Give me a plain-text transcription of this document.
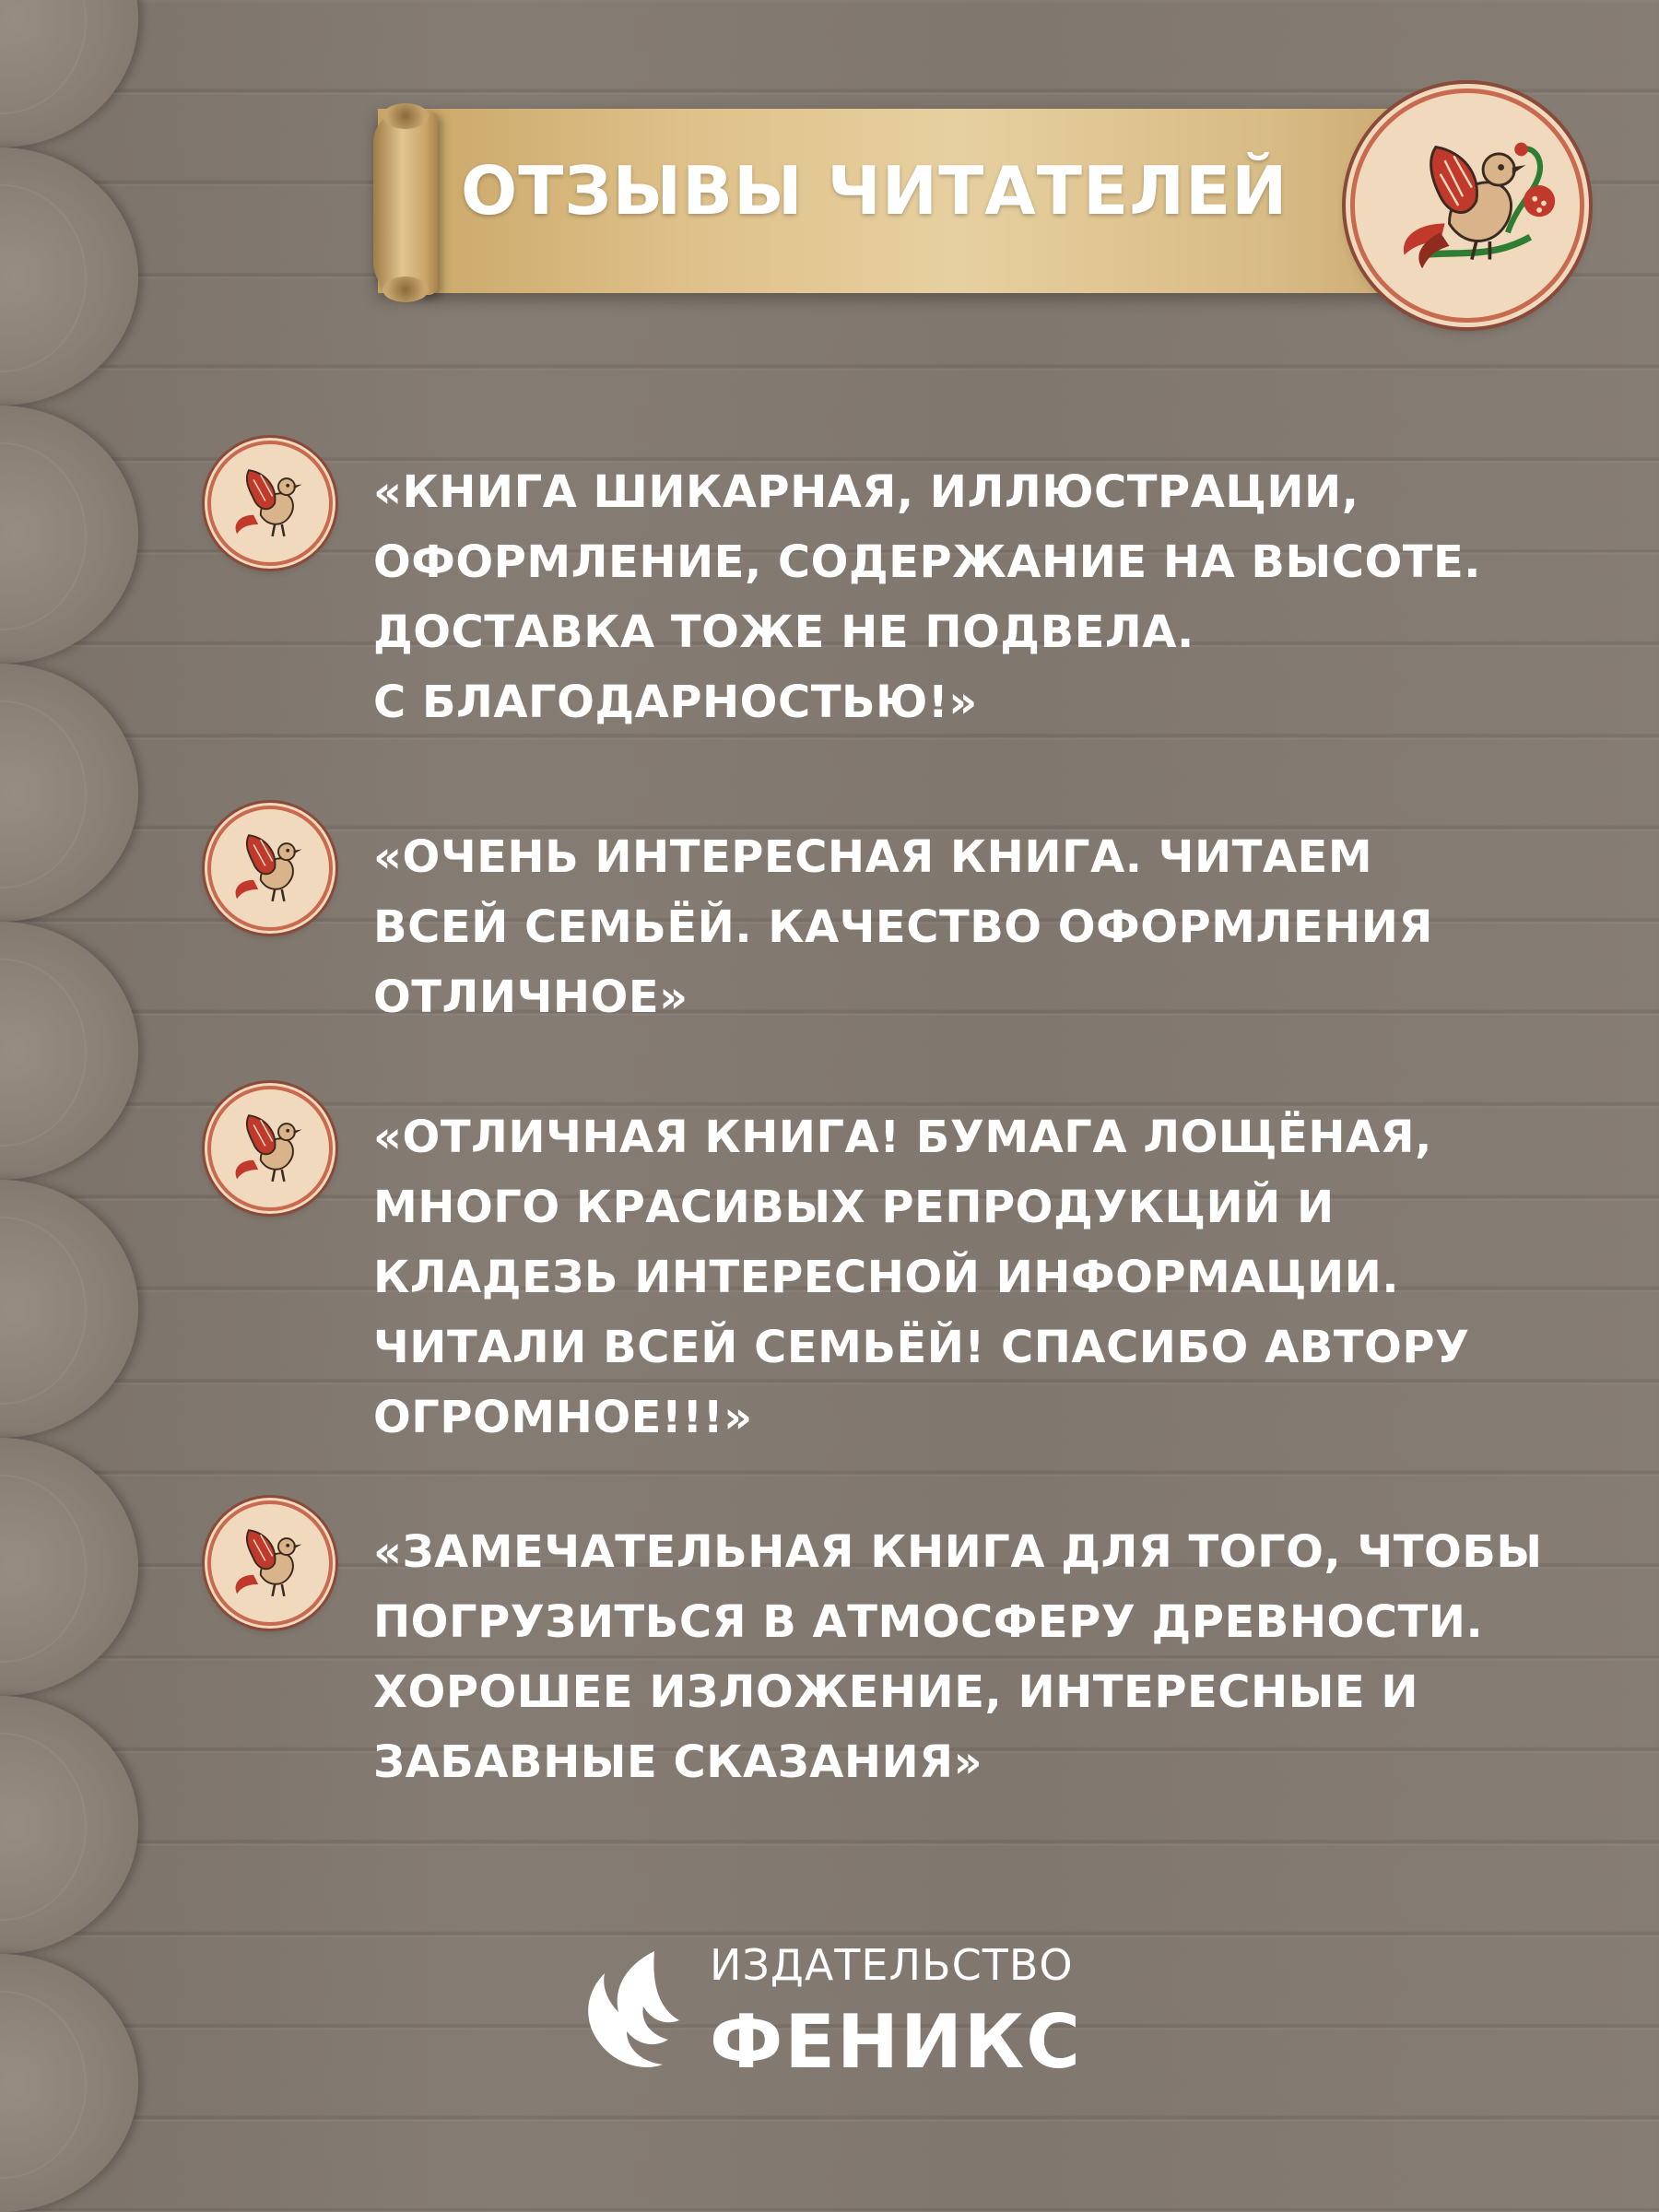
ОТЗЫВЫ ЧИТАТЕЛЕЙ
«КНИГА ШИКАРНАЯ, ИЛЛЮСТРАЦИИ,
ОФОРМЛЕНИЕ, СОДЕРЖАНИЕ НА ВЫСОТЕ.
ДОСТАВКА ТОЖЕ НЕ ПОДВЕЛА.
С БЛАГОДАРНОСТЬЮ!»
«ОЧЕНЬ ИНТЕРЕСНАЯ КНИГА. ЧИТАЕМ
ВСЕЙ СЕМЬЁЙ. КАЧЕСТВО ОФОРМЛЕНИЯ
ОТЛИЧНОЕ»
«ОТЛИЧНАЯ КНИГА! БУМАГА ЛОЩЁНАЯ,
МНОГО КРАСИВЫХ РЕПРОДУКЦИЙ И
КЛАДЕЗЬ ИНТЕРЕСНОЙ ИНФОРМАЦИИ.
ЧИТАЛИ ВСЕЙ СЕМЬЁЙ! СПАСИБО АВТОРУ
ОГРОМНОЕ!!!»
«ЗАМЕЧАТЕЛЬНАЯ КНИГА ДЛЯ ТОГО, ЧТОБЫ
ПОГРУЗИТЬСЯ В АТМОСФЕРУ ДРЕВНОСТИ.
ХОРОШЕЕ ИЗЛОЖЕНИЕ, ИНТЕРЕСНЫЕ И
ЗАБАВНЫЕ СКАЗАНИЯ»
ИЗДАТЕЛЬСТВО
ФЕНИКС
